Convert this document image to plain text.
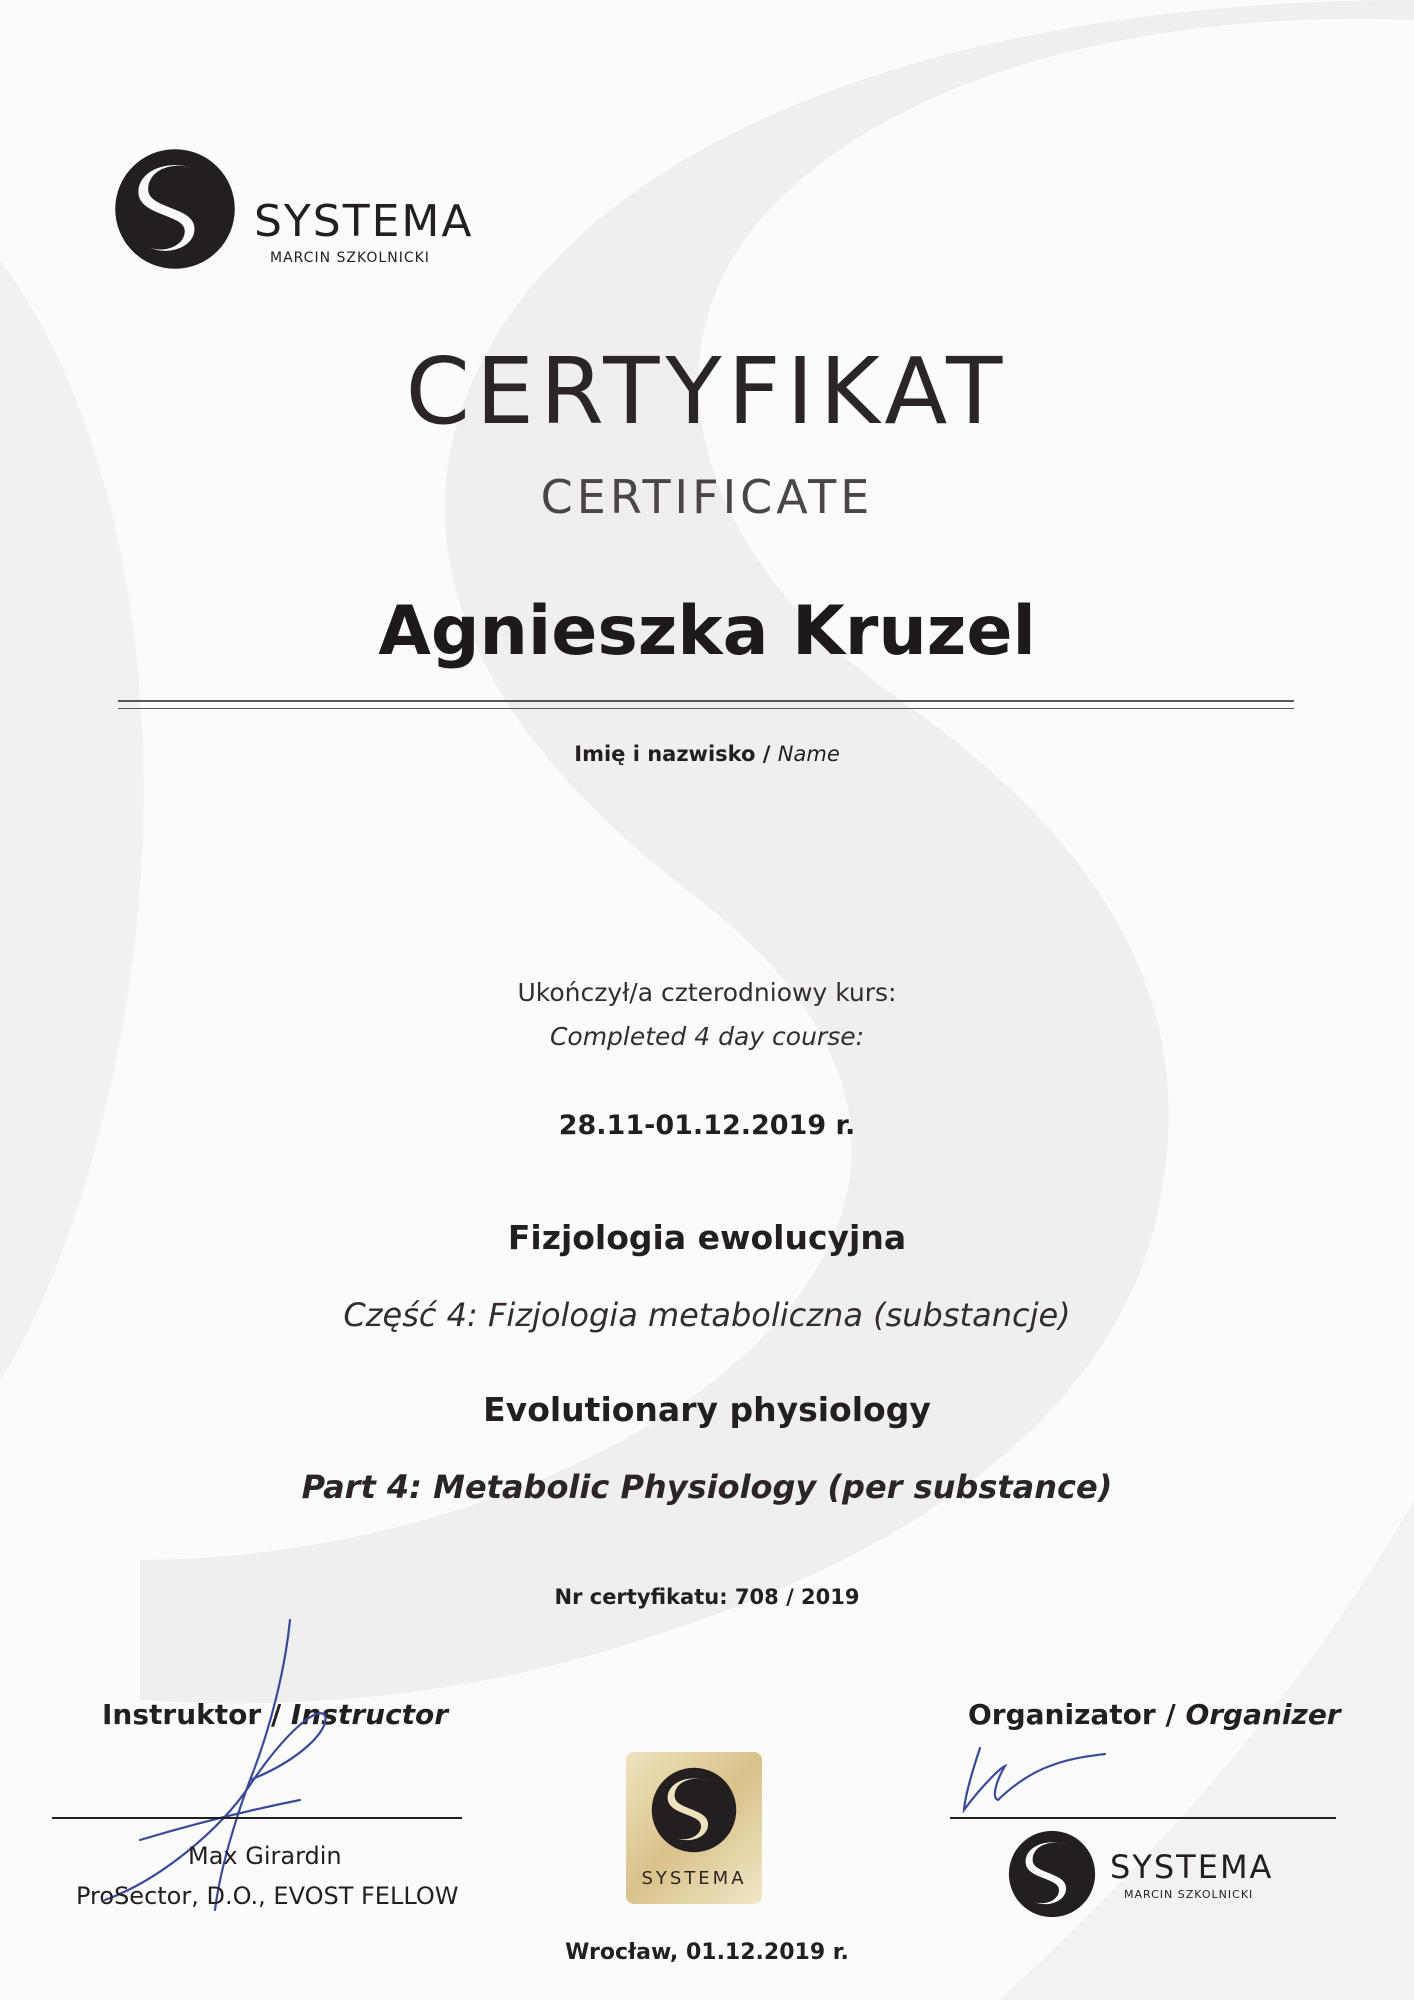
SYSTEMA
MARCIN SZKOLNICKI
CERTYFIKAT
CERTIFICATE
Agnieszka Kruzel
Imię i nazwisko / Name
Ukończył/a czterodniowy kurs:
Completed 4 day course:
28.11-01.12.2019 r.
Fizjologia ewolucyjna
Część 4: Fizjologia metaboliczna (substancje)
Evolutionary physiology
Part 4: Metabolic Physiology (per substance)
Nr certyfikatu: 708 / 2019
Instruktor / Instructor
Max Girardin
ProSector, D.O., EVOST FELLOW
SYSTEMA
Organizator / Organizer
SYSTEMA
MARCIN SZKOLNICKI
Wrocław, 01.12.2019 r.
